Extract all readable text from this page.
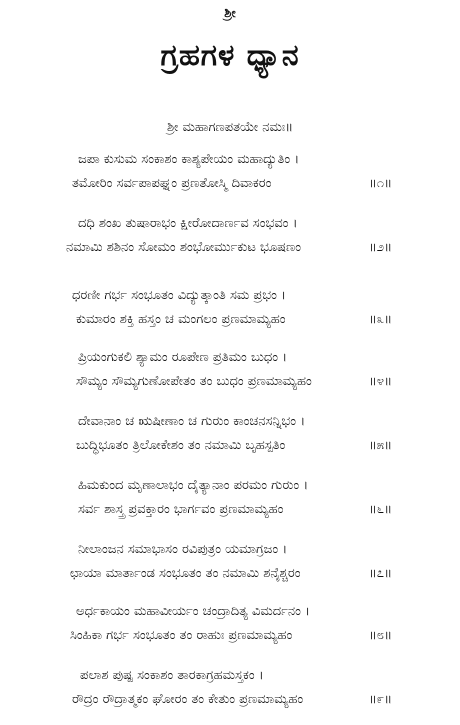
ಶ್ರೀ
ಗ್ರಹಗಳ ಧ್ಯಾನ
ಶ್ರೀ ಮಹಾಗಣಪತಯೇ ನಮಃ॥
ಜಪಾ ಕುಸುಮ ಸಂಕಾಶಂ ಕಾಶ್ಯಪೇಯಂ ಮಹಾದ್ಯುತಿಂ ।
ತಮೋರಿಂ ಸರ್ವಪಾಪಘ್ನಂ ಪ್ರಣತೋಸ್ಮಿ ದಿವಾಕರಂ	॥೧॥
ದಧಿ ಶಂಖ ತುಷಾರಾಭಂ ಕ್ಷೀರೋದಾರ್ಣವ ಸಂಭವಂ ।
ನಮಾಮಿ ಶಶಿನಂ ಸೋಮಂ ಶಂಭೋರ್ಮುಕುಟ ಭೂಷಣಂ	॥೨॥
ಧರಣೀ ಗರ್ಭ ಸಂಭೂತಂ ವಿದ್ಯುತ್ಕಾಂತಿ ಸಮ ಪ್ರಭಂ ।
ಕುಮಾರಂ ಶಕ್ತಿ ಹಸ್ತಂ ಚ ಮಂಗಲಂ ಪ್ರಣಮಾಮ್ಯಹಂ	॥೩॥
ಪ್ರಿಯಂಗುಕಲಿ ಶ್ಯಾಮಂ ರೂಪೇಣ ಪ್ರತಿಮಂ ಬುಧಂ ।
ಸೌಮ್ಯಂ ಸೌಮ್ಯಗುಣೋಪೇತಂ ತಂ ಬುಧಂ ಪ್ರಣಮಾಮ್ಯಹಂ	॥೪॥
ದೇವಾನಾಂ ಚ ಋಷೀಣಾಂ ಚ ಗುರುಂ ಕಾಂಚನಸನ್ನಿಭಂ ।
ಬುದ್ಧಿಭೂತಂ ತ್ರಿಲೋಕೇಶಂ ತಂ ನಮಾಮಿ ಬೃಹಸ್ಪತಿಂ	॥೫॥
ಹಿಮಕುಂದ ಮೃಣಾಲಾಭಂ ದೈತ್ಯಾನಾಂ ಪರಮಂ ಗುರುಂ ।
ಸರ್ವ ಶಾಸ್ತ್ರ ಪ್ರವಕ್ತಾರಂ ಭಾರ್ಗವಂ ಪ್ರಣಮಾಮ್ಯಹಂ	॥೬॥
ನೀಲಾಂಜನ ಸಮಾಭಾಸಂ ರವಿಪುತ್ರಂ ಯಮಾಗ್ರಜಂ ।
ಛಾಯಾ ಮಾರ್ತಾಂಡ ಸಂಭೂತಂ ತಂ ನಮಾಮಿ ಶನೈಶ್ಚರಂ	॥೭॥
ಅರ್ಧಕಾಯಂ ಮಹಾವೀರ್ಯಂ ಚಂದ್ರಾದಿತ್ಯ ವಿಮರ್ದನಂ ।
ಸಿಂಹಿಕಾ ಗರ್ಭ ಸಂಭೂತಂ ತಂ ರಾಹುಃ ಪ್ರಣಮಾಮ್ಯಹಂ	॥೮॥
ಪಲಾಶ ಪುಷ್ಪ ಸಂಕಾಶಂ ತಾರಕಾಗ್ರಹಮಸ್ತಕಂ ।
ರೌದ್ರಂ ರೌದ್ರಾತ್ಮಕಂ ಘೋರಂ ತಂ ಕೇತುಂ ಪ್ರಣಮಾಮ್ಯಹಂ	॥೯॥
